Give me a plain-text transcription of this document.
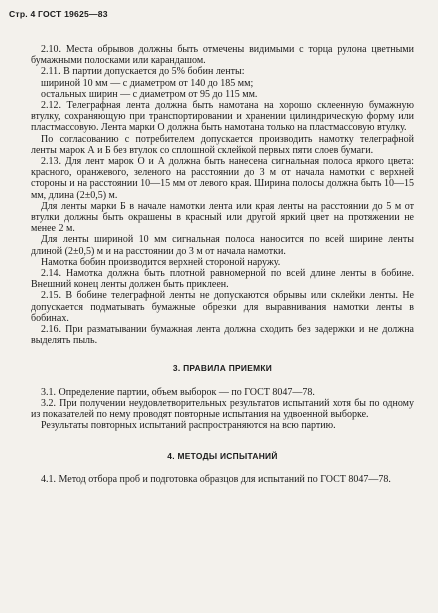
Стр. 4 ГОСТ 19625—83

2.10. Места обрывов должны быть отмечены видимыми с торца рулона цветными бумажными полосками или карандашом.

2.11. В партии допускается до 5% бобин ленты:

шириной 10 мм — с диаметром от 140 до 185 мм;

остальных ширин — с диаметром от 95 до 115 мм.

2.12. Телеграфная лента должна быть намотана на хорошо склеенную бумажную втулку, сохраняющую при транспортировании и хранении цилиндрическую форму или пластмассовую. Лента марки О должна быть намотана только на пластмассовую втулку.

По согласованию с потребителем допускается производить намотку телеграфной ленты марок А и Б без втулок со сплошной склейкой первых пяти слоев бумаги.

2.13. Для лент марок О и А должна быть нанесена сигнальная полоса яркого цвета: красного, оранжевого, зеленого на расстоянии до 3 м от начала намотки с верхней стороны и на расстоянии 10—15 мм от левого края. Ширина полосы должна быть 10—15 мм, длина (2±0,5) м.

Для ленты марки Б в начале намотки лента или края ленты на расстоянии до 5 м от втулки должны быть окрашены в красный или другой яркий цвет на протяжении не менее 2 м.

Для ленты шириной 10 мм сигнальная полоса наносится по всей ширине ленты длиной (2±0,5) м и на расстоянии до 3 м от начала намотки.

Намотка бобин производится верхней стороной наружу.

2.14. Намотка должна быть плотной равномерной по всей длине ленты в бобине. Внешний конец ленты должен быть приклеен.

2.15. В бобине телеграфной ленты не допускаются обрывы или склейки ленты. Не допускается подматывать бумажные обрезки для выравнивания намотки ленты в бобинах.

2.16. При разматывании бумажная лента должна сходить без задержки и не должна выделять пыль.

3. ПРАВИЛА ПРИЕМКИ

3.1. Определение партии, объем выборок — по ГОСТ 8047—78.

3.2. При получении неудовлетворительных результатов испытаний хотя бы по одному из показателей по нему проводят повторные испытания на удвоенной выборке.

Результаты повторных испытаний распространяются на всю партию.

4. МЕТОДЫ ИСПЫТАНИЙ

4.1. Метод отбора проб и подготовка образцов для испытаний по ГОСТ 8047—78.
